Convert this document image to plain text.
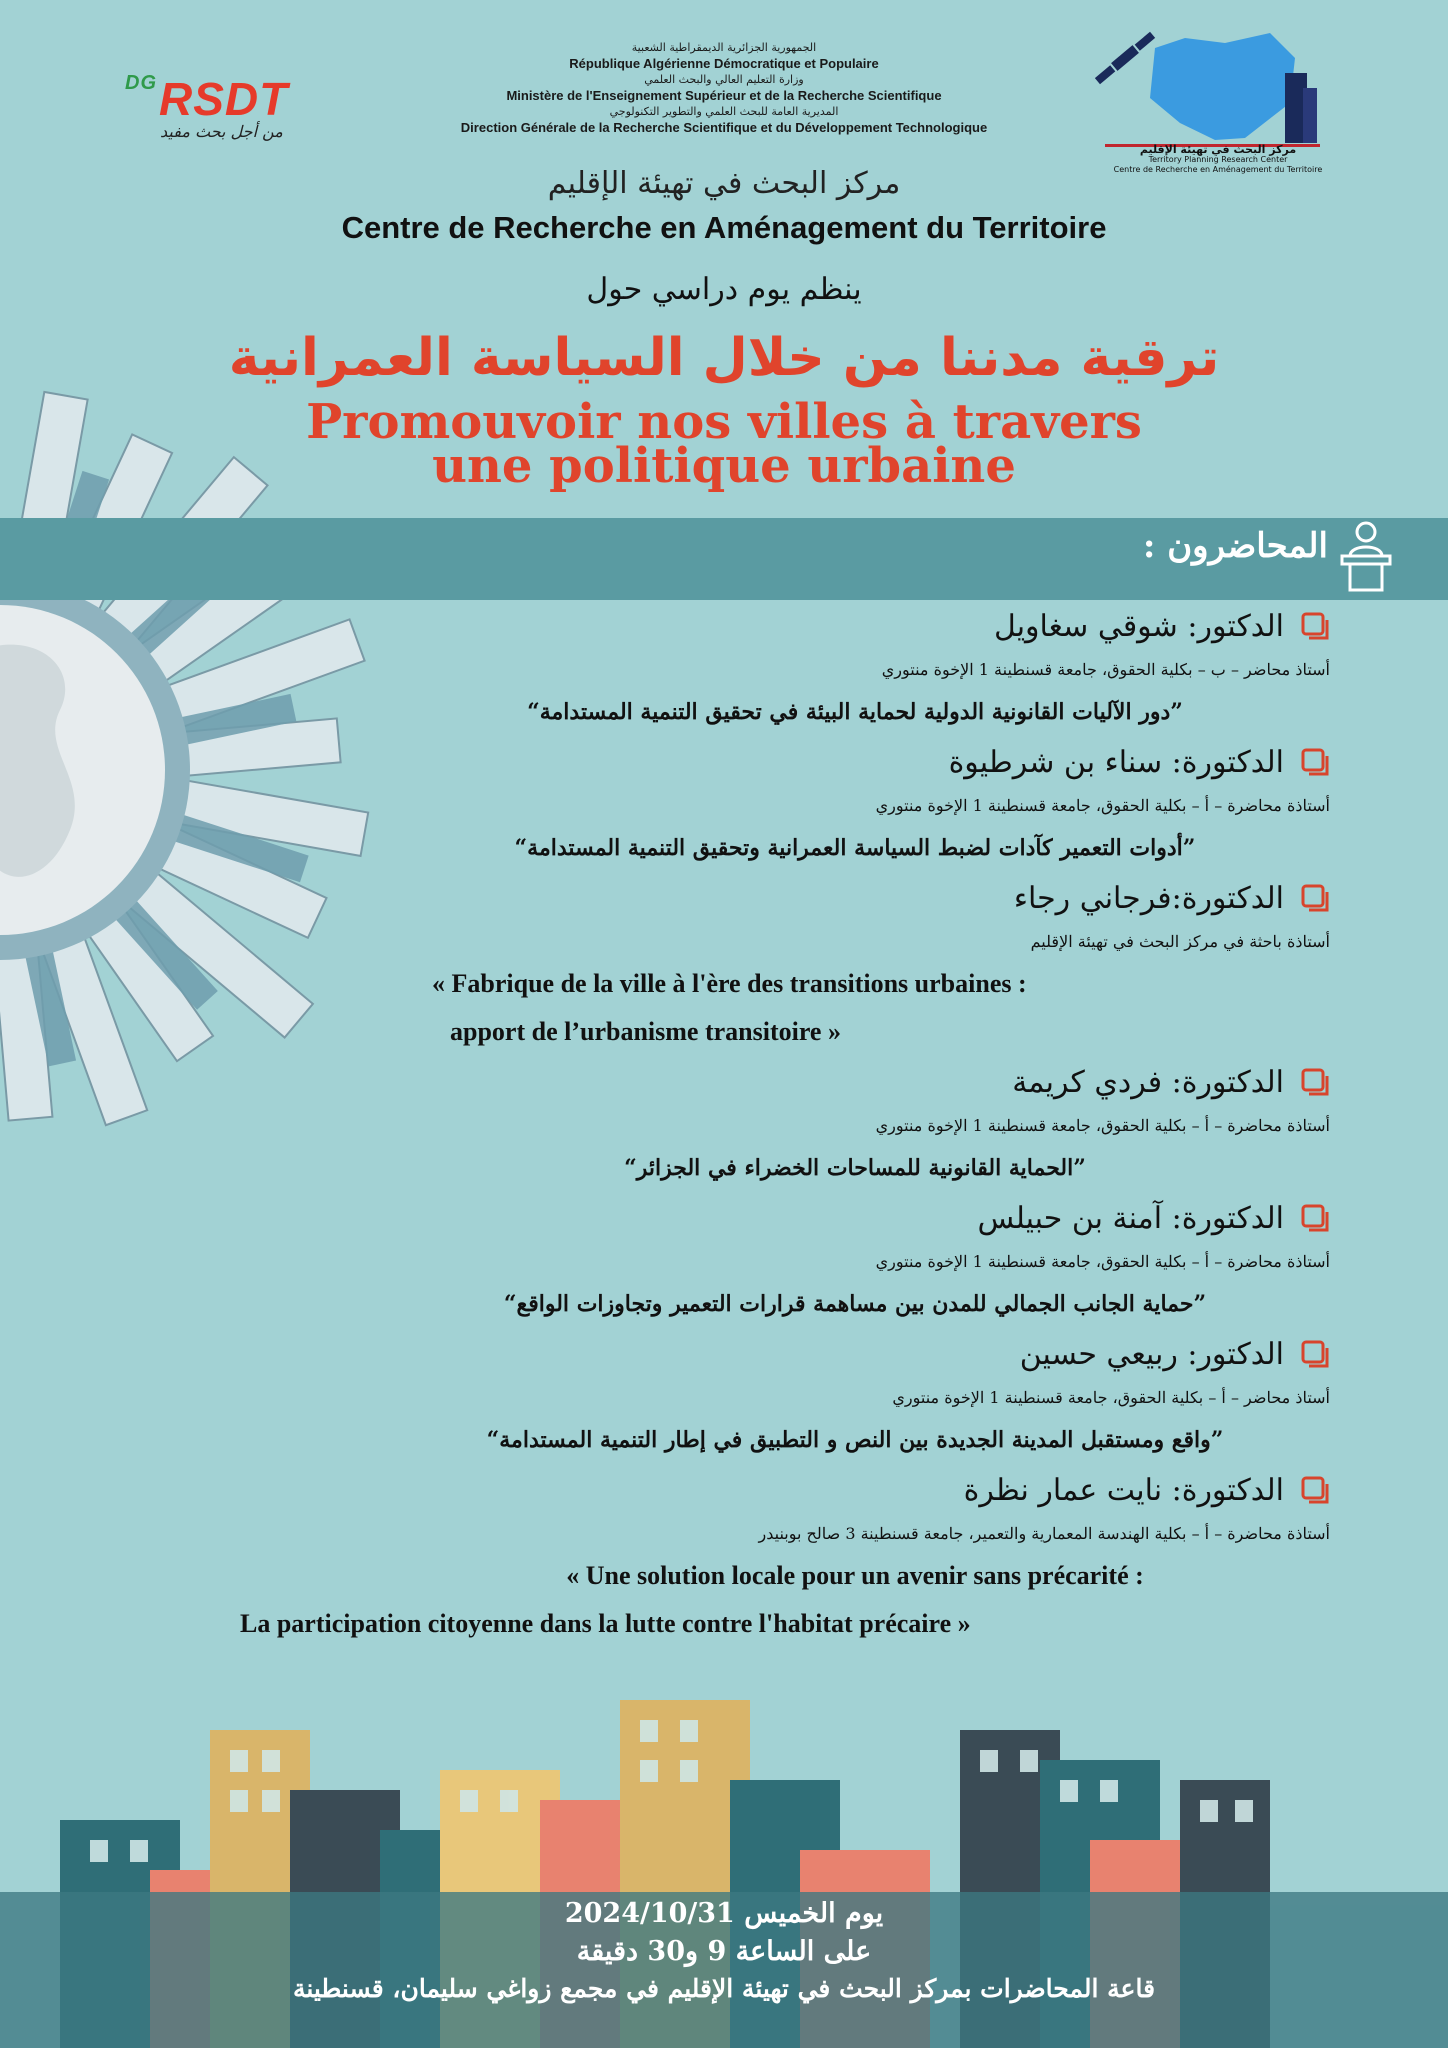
$^{DG}$RSDT
من أجل بحث مفيد
الجمهورية الجزائرية الديمقراطية الشعبية
République Algérienne Démocratique et Populaire
وزارة التعليم العالي والبحث العلمي
Ministère de l'Enseignement Supérieur et de la Recherche Scientifique
المديرية العامة للبحث العلمي والتطوير التكنولوجي
Direction Générale de la Recherche Scientifique et du Développement Technologique
مركز البحث في تهيئة الإقليم
Territory Planning Research Center
Centre de Recherche en Aménagement du Territoire
مركز البحث في تهيئة الإقليم
Centre de Recherche en Aménagement du Territoire
ينظم يوم دراسي حول
ترقية مدننا من خلال السياسة العمرانية
Promouvoir nos villes à travers
une politique urbaine
المحاضرون :
الدكتور: شوقي سغاويل
أستاذ محاضر – ب – بكلية الحقوق، جامعة قسنطينة 1 الإخوة منتوري
”دور الآليات القانونية الدولية لحماية البيئة في تحقيق التنمية المستدامة“
الدكتورة: سناء بن شرطيوة
أستاذة محاضرة – أ – بكلية الحقوق، جامعة قسنطينة 1 الإخوة منتوري
”أدوات التعمير كآدات لضبط السياسة العمرانية وتحقيق التنمية المستدامة“
الدكتورة:فرجاني رجاء
أستاذة باحثة في مركز البحث في تهيئة الإقليم
« Fabrique de la ville à l'ère des transitions urbaines :
apport de l’urbanisme transitoire »
الدكتورة: فردي كريمة
أستاذة محاضرة – أ – بكلية الحقوق، جامعة قسنطينة 1 الإخوة منتوري
”الحماية القانونية للمساحات الخضراء في الجزائر“
الدكتورة: آمنة بن حبيلس
أستاذة محاضرة – أ – بكلية الحقوق، جامعة قسنطينة 1 الإخوة منتوري
”حماية الجانب الجمالي للمدن بين مساهمة قرارات التعمير وتجاوزات الواقع“
الدكتور: ربيعي حسين
أستاذ محاضر – أ – بكلية الحقوق، جامعة قسنطينة 1 الإخوة منتوري
”واقع ومستقبل المدينة الجديدة بين النص و التطبيق في إطار التنمية المستدامة“
الدكتورة: نايت عمار نظرة
أستاذة محاضرة – أ – بكلية الهندسة المعمارية والتعمير، جامعة قسنطينة 3 صالح بوبنيدر
« Une solution locale pour un avenir sans précarité :
La participation citoyenne dans la lutte contre l'habitat précaire »
يوم الخميس 2024/10/31
على الساعة 9 و30 دقيقة
قاعة المحاضرات بمركز البحث في تهيئة الإقليم في مجمع زواغي سليمان، قسنطينة
